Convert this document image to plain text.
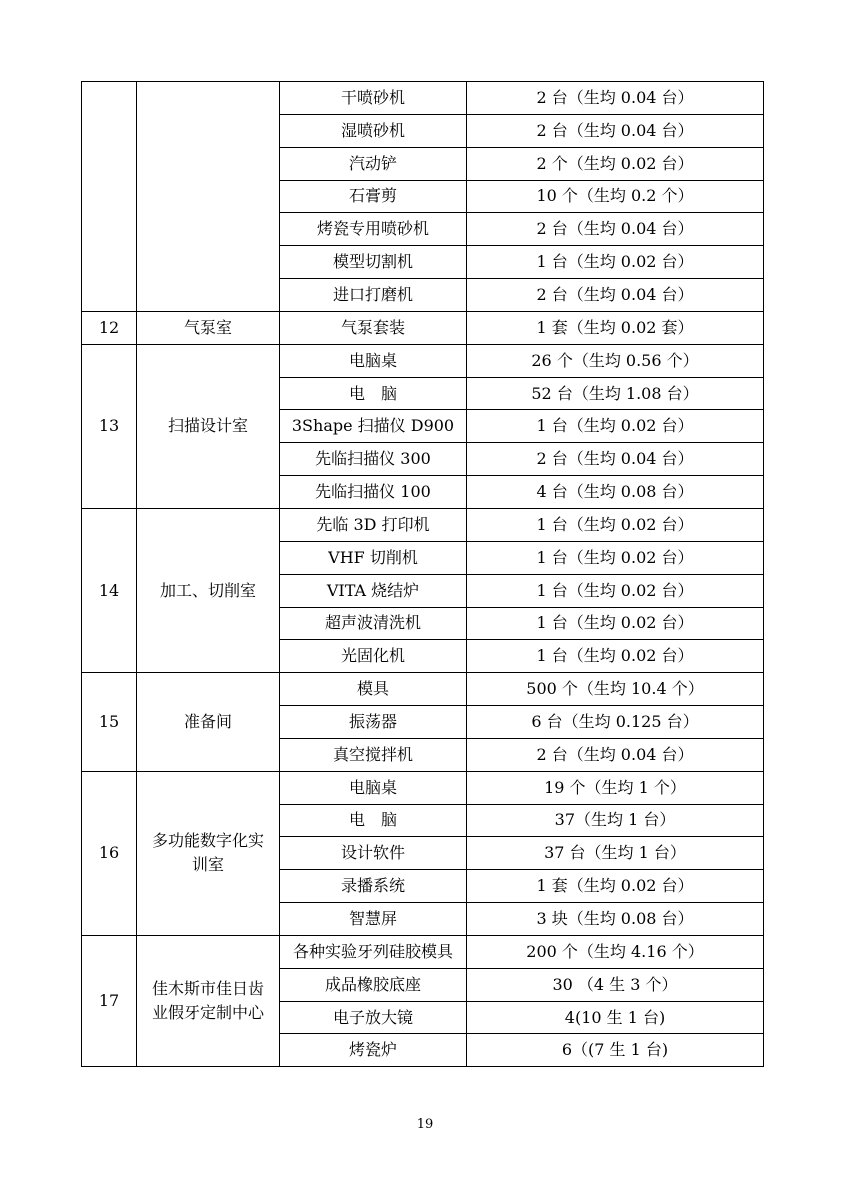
		干喷砂机	2 台（生均 0.04 台）
		湿喷砂机	2 台（生均 0.04 台）
		汽动铲	2 个（生均 0.02 台）
		石膏剪	10 个（生均 0.2 个）
		烤瓷专用喷砂机	2 台（生均 0.04 台）
		模型切割机	1 台（生均 0.02 台）
		进口打磨机	2 台（生均 0.04 台）
12	气泵室	气泵套装	1 套（生均 0.02 套）
13	扫描设计室	电脑桌	26 个（生均 0.56 个）
		电　脑	52 台（生均 1.08 台）
		3Shape 扫描仪 D900	1 台（生均 0.02 台）
		先临扫描仪 300	2 台（生均 0.04 台）
		先临扫描仪 100	4 台（生均 0.08 台）
14	加工、切削室	先临 3D 打印机	1 台（生均 0.02 台）
		VHF 切削机	1 台（生均 0.02 台）
		VITA 烧结炉	1 台（生均 0.02 台）
		超声波清洗机	1 台（生均 0.02 台）
		光固化机	1 台（生均 0.02 台）
15	准备间	模具	500 个（生均 10.4 个）
		振荡器	6 台（生均 0.125 台）
		真空搅拌机	2 台（生均 0.04 台）
16	多功能数字化实训室	电脑桌	19 个（生均 1 个）
		电　脑	37（生均 1 台）
		设计软件	37 台（生均 1 台）
		录播系统	1 套（生均 0.02 台）
		智慧屏	3 块（生均 0.08 台）
17	佳木斯市佳日齿业假牙定制中心	各种实验牙列硅胶模具	200 个（生均 4.16 个）
		成品橡胶底座	30 （4 生 3 个）
		电子放大镜	4(10 生 1 台)
		烤瓷炉	6（(7 生 1 台)
19
